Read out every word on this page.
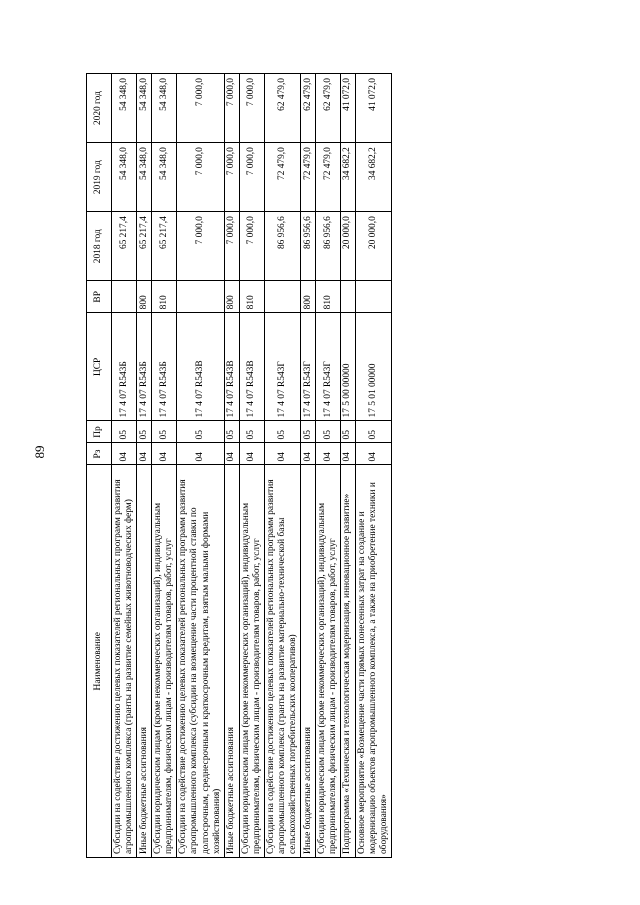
89
Наименование	Рз	Пр	ЦСР	ВР	2018 год	2019 год	2020 год
Субсидии на содействие достижению целевых показателей региональных программ развития агропромышленного комплекса (гранты на развитие семейных животноводческих ферм)	04	05	17 4 07 R543Б		65 217,4	54 348,0	54 348,0
Иные бюджетные ассигнования	04	05	17 4 07 R543Б	800	65 217,4	54 348,0	54 348,0
Субсидии юридическим лицам (кроме некоммерческих организаций), индивидуальным предпринимателям, физическим лицам - производителям товаров, работ, услуг	04	05	17 4 07 R543Б	810	65 217,4	54 348,0	54 348,0
Субсидии на содействие достижению целевых показателей региональных программ развития агропромышленного комплекса (субсидии на возмещение части процентной ставки по долгосрочным, среднесрочным и краткосрочным кредитам, взятым малыми формами хозяйствования)	04	05	17 4 07 R543В		7 000,0	7 000,0	7 000,0
Иные бюджетные ассигнования	04	05	17 4 07 R543В	800	7 000,0	7 000,0	7 000,0
Субсидии юридическим лицам (кроме некоммерческих организаций), индивидуальным предпринимателям, физическим лицам - производителям товаров, работ, услуг	04	05	17 4 07 R543В	810	7 000,0	7 000,0	7 000,0
Субсидии на содействие достижению целевых показателей региональных программ развития агропромышленного комплекса (гранты на развитие материально-технической базы сельскохозяйственных потребительских кооперативов)	04	05	17 4 07 R543Г		86 956,6	72 479,0	62 479,0
Иные бюджетные ассигнования	04	05	17 4 07 R543Г	800	86 956,6	72 479,0	62 479,0
Субсидии юридическим лицам (кроме некоммерческих организаций), индивидуальным предпринимателям, физическим лицам - производителям товаров, работ, услуг	04	05	17 4 07 R543Г	810	86 956,6	72 479,0	62 479,0
Подпрограмма «Техническая и технологическая модернизация, инновационное развитие»	04	05	17 5 00 00000		20 000,0	34 682,2	41 072,0
Основное мероприятие «Возмещение части прямых понесенных затрат на создание и модернизацию объектов агропромышленного комплекса, а также на приобретение техники и оборудования»	04	05	17 5 01 00000		20 000,0	34 682,2	41 072,0
